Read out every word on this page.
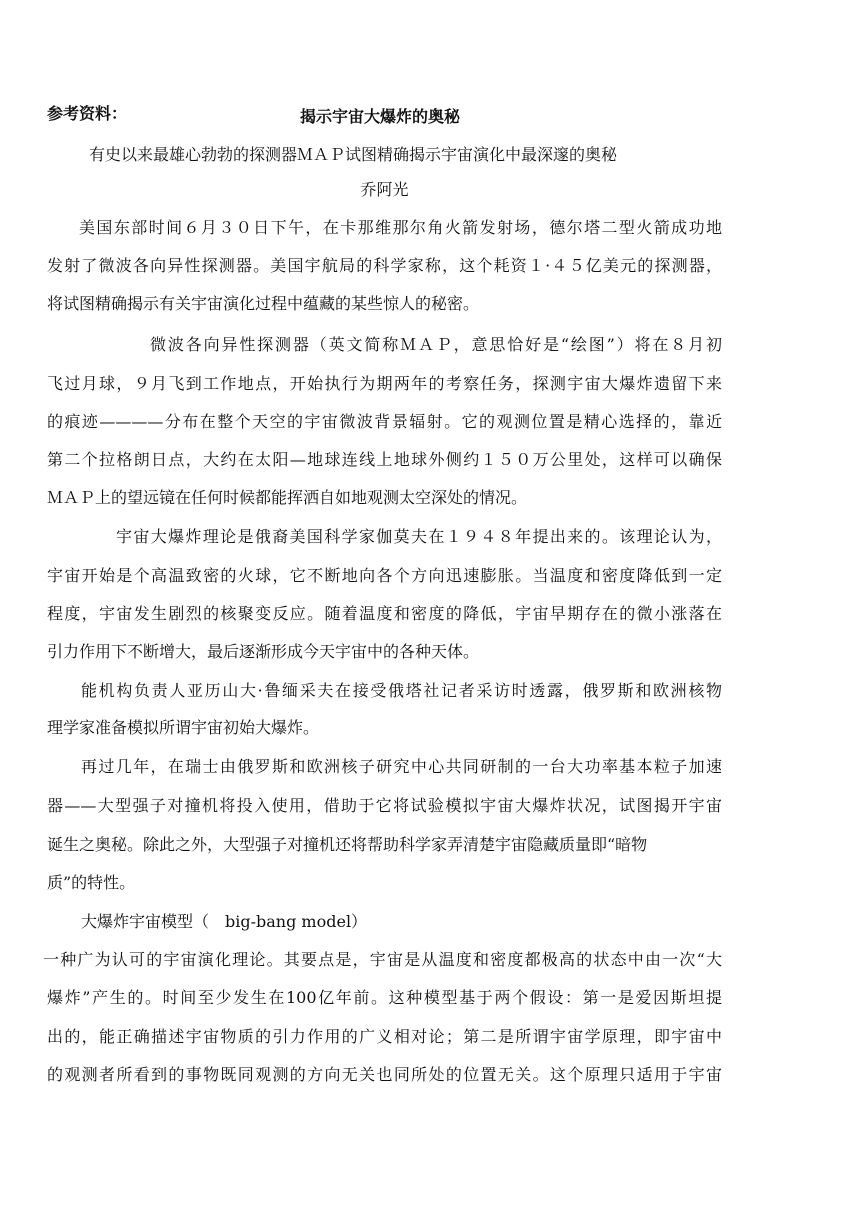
参考资料：	揭示宇宙大爆炸的奥秘
有史以来最雄心勃勃的探测器ＭＡＰ试图精确揭示宇宙演化中最深邃的奥秘
乔阿光
美国东部时间６月３０日下午，在卡那维那尔角火箭发射场，德尔塔二型火箭成功地
发射了微波各向异性探测器。美国宇航局的科学家称，这个耗资１·４５亿美元的探测器，
将试图精确揭示有关宇宙演化过程中蕴藏的某些惊人的秘密。
微波各向异性探测器（英文简称ＭＡＰ，意思恰好是“绘图”）将在８月初
飞过月球，９月飞到工作地点，开始执行为期两年的考察任务，探测宇宙大爆炸遗留下来
的痕迹————分布在整个天空的宇宙微波背景辐射。它的观测位置是精心选择的，靠近
第二个拉格朗日点，大约在太阳—地球连线上地球外侧约１５０万公里处，这样可以确保
ＭＡＰ上的望远镜在任何时候都能挥洒自如地观测太空深处的情况。
宇宙大爆炸理论是俄裔美国科学家伽莫夫在１９４８年提出来的。该理论认为，
宇宙开始是个高温致密的火球，它不断地向各个方向迅速膨胀。当温度和密度降低到一定
程度，宇宙发生剧烈的核聚变反应。随着温度和密度的降低，宇宙早期存在的微小涨落在
引力作用下不断增大，最后逐渐形成今天宇宙中的各种天体。
能机构负责人亚历山大·鲁缅采夫在接受俄塔社记者采访时透露，俄罗斯和欧洲核物
理学家准备模拟所谓宇宙初始大爆炸。
再过几年，在瑞士由俄罗斯和欧洲核子研究中心共同研制的一台大功率基本粒子加速
器——大型强子对撞机将投入使用，借助于它将试验模拟宇宙大爆炸状况，试图揭开宇宙
诞生之奥秘。除此之外，大型强子对撞机还将帮助科学家弄清楚宇宙隐藏质量即“暗物
质”的特性。
大爆炸宇宙模型（　big-bang model）
一种广为认可的宇宙演化理论。其要点是，宇宙是从温度和密度都极高的状态中由一次“大
爆炸”产生的。时间至少发生在100亿年前。这种模型基于两个假设：第一是爱因斯坦提
出的，能正确描述宇宙物质的引力作用的广义相对论；第二是所谓宇宙学原理，即宇宙中
的观测者所看到的事物既同观测的方向无关也同所处的位置无关。这个原理只适用于宇宙
